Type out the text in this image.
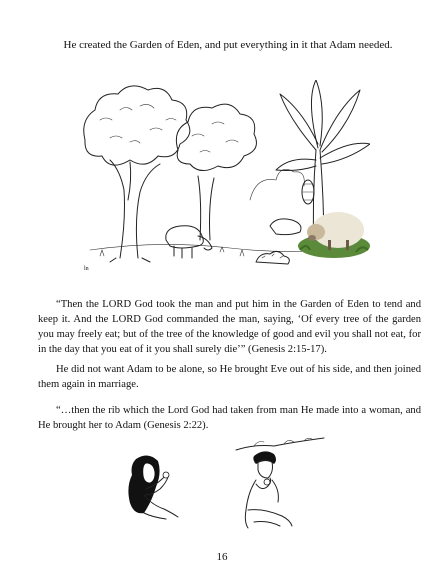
He created the Garden of Eden, and put everything in it that Adam needed.

ln

“Then the LORD God took the man and put him in the Garden of Eden to tend and keep it. And the LORD God commanded the man, saying, ‘Of every tree of the garden you may freely eat; but of the tree of the knowledge of good and evil you shall not eat, for in the day that you eat of it you shall surely die’” (Genesis 2:15-17).

He did not want Adam to be alone, so He brought Eve out of his side, and then joined them again in marriage.

“…then the rib which the Lord God had taken from man He made into a woman, and He brought her to Adam (Genesis 2:22).

16
